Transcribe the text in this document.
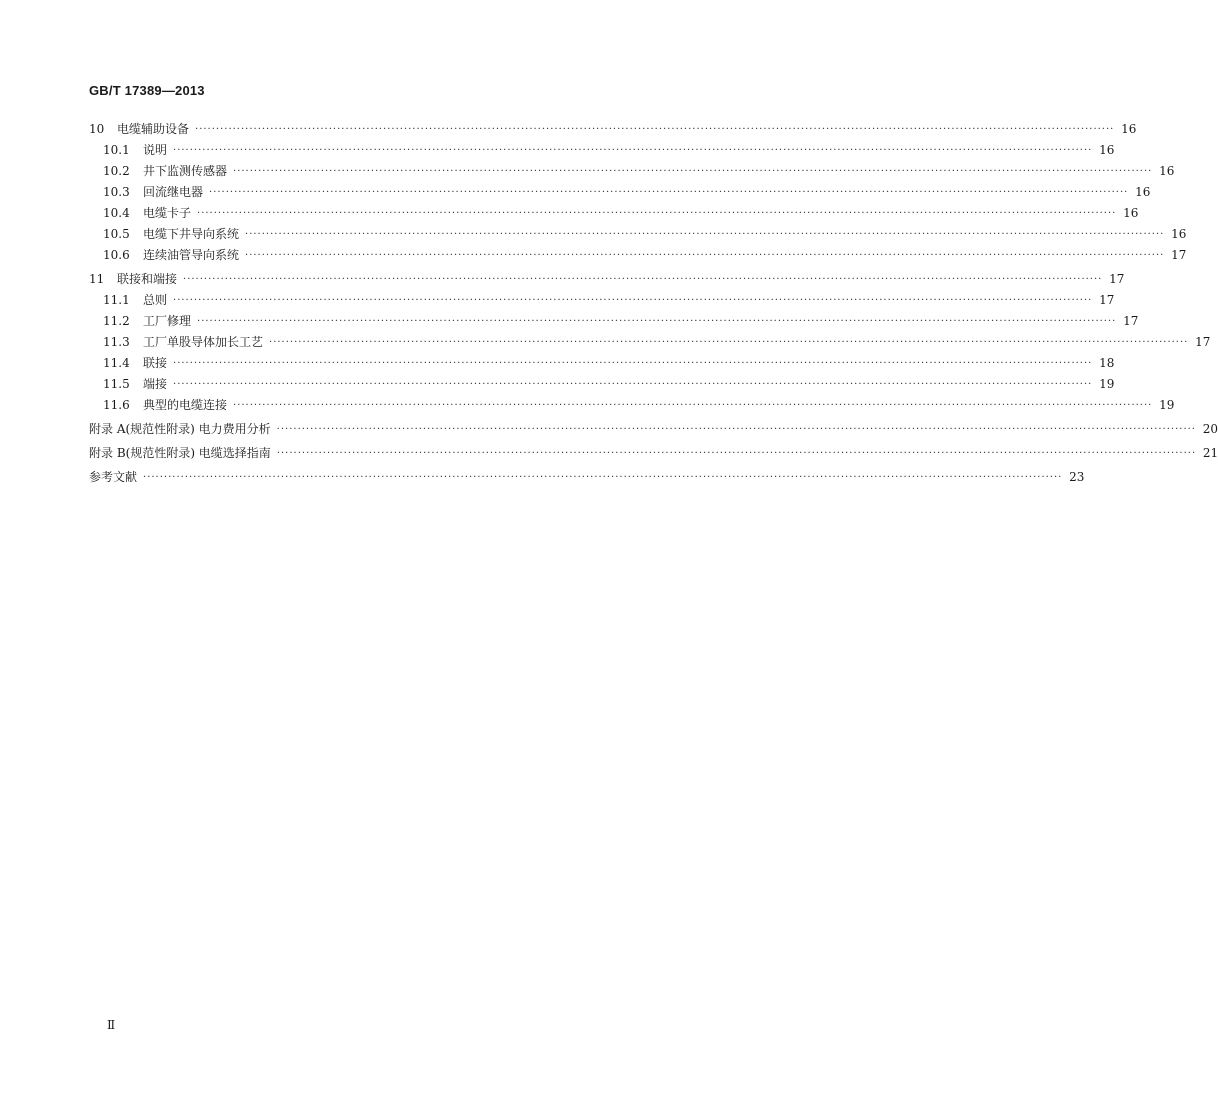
GB/T 17389—2013
10	电缆辅助设备 ···························································································································································································································· 16
10.1	说明 ···························································································································································································································· 16
10.2	井下监测传感器 ···························································································································································································································· 16
10.3	回流继电器 ···························································································································································································································· 16
10.4	电缆卡子 ···························································································································································································································· 16
10.5	电缆下井导向系统 ···························································································································································································································· 16
10.6	连续油管导向系统 ···························································································································································································································· 17
11	联接和端接 ···························································································································································································································· 17
11.1	总则 ···························································································································································································································· 17
11.2	工厂修理 ···························································································································································································································· 17
11.3	工厂单股导体加长工艺 ···························································································································································································································· 17
11.4	联接 ···························································································································································································································· 18
11.5	端接 ···························································································································································································································· 19
11.6	典型的电缆连接 ···························································································································································································································· 19
附录 A(规范性附录) 电力费用分析 ···························································································································································································································· 20
附录 B(规范性附录) 电缆选择指南 ···························································································································································································································· 21
参考文献 ···························································································································································································································· 23
Ⅱ
